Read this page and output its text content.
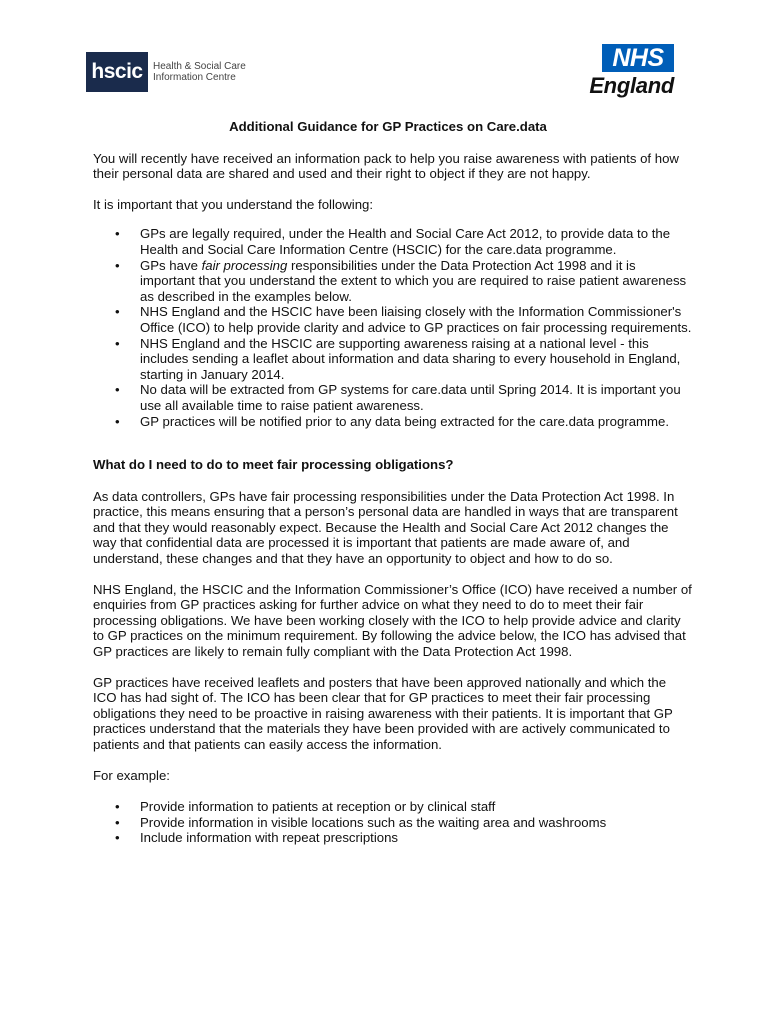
hscic	Health & Social Care
Information Centre
NHS
England
Additional Guidance for GP Practices on Care.data

You will recently have received an information pack to help you raise awareness with patients of how their personal data are shared and used and their right to object if they are not happy.

It is important that you understand the following:

• GPs are legally required, under the Health and Social Care Act 2012, to provide data to the Health and Social Care Information Centre (HSCIC) for the care.data programme.
• GPs have fair processing responsibilities under the Data Protection Act 1998 and it is important that you understand the extent to which you are required to raise patient awareness as described in the examples below.
• NHS England and the HSCIC have been liaising closely with the Information Commissioner's Office (ICO) to help provide clarity and advice to GP practices on fair processing requirements.
• NHS England and the HSCIC are supporting awareness raising at a national level - this includes sending a leaflet about information and data sharing to every household in England, starting in January 2014.
• No data will be extracted from GP systems for care.data until Spring 2014. It is important you use all available time to raise patient awareness.
• GP practices will be notified prior to any data being extracted for the care.data programme.
What do I need to do to meet fair processing obligations?

As data controllers, GPs have fair processing responsibilities under the Data Protection Act 1998. In practice, this means ensuring that a person’s personal data are handled in ways that are transparent and that they would reasonably expect. Because the Health and Social Care Act 2012 changes the way that confidential data are processed it is important that patients are made aware of, and understand, these changes and that they have an opportunity to object and how to do so.

NHS England, the HSCIC and the Information Commissioner’s Office (ICO) have received a number of enquiries from GP practices asking for further advice on what they need to do to meet their fair processing obligations. We have been working closely with the ICO to help provide advice and clarity to GP practices on the minimum requirement. By following the advice below, the ICO has advised that GP practices are likely to remain fully compliant with the Data Protection Act 1998.

GP practices have received leaflets and posters that have been approved nationally and which the ICO has had sight of. The ICO has been clear that for GP practices to meet their fair processing obligations they need to be proactive in raising awareness with their patients. It is important that GP practices understand that the materials they have been provided with are actively communicated to patients and that patients can easily access the information.

For example:

• Provide information to patients at reception or by clinical staff
• Provide information in visible locations such as the waiting area and washrooms
• Include information with repeat prescriptions
